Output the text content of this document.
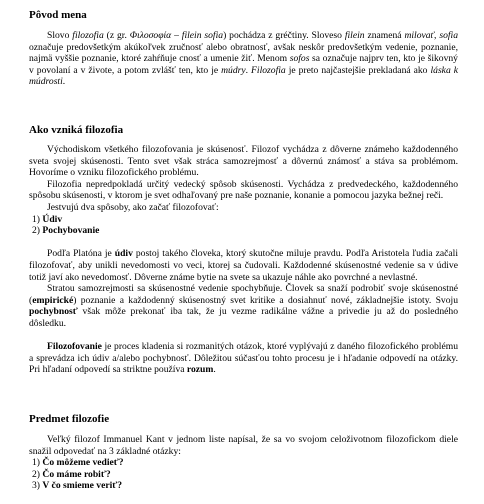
Pôvod mena

Slovo filozofia (z gr. Φιλοσοφία – filein sofia) pochádza z gréčtiny. Sloveso filein znamená milovať, sofia označuje predovšetkým akúkoľvek zručnosť alebo obratnosť, avšak neskôr predovšetkým vedenie, poznanie, najmä vyššie poznanie, ktoré zahŕňuje cnosť a umenie žiť. Menom sofos sa označuje najprv ten, kto je šikovný v povolaní a v živote, a potom zvlášť ten, kto je múdry. Filozofia je preto najčastejšie prekladaná ako láska k múdrosti.

Ako vzniká filozofia

Východiskom všetkého filozofovania je skúsenosť. Filozof vychádza z dôverne známeho každodenného sveta svojej skúsenosti. Tento svet však stráca samozrejmosť a dôvernú známosť a stáva sa problémom. Hovoríme o vzniku filozofického problému.

Filozofia nepredpokladá určitý vedecký spôsob skúsenosti. Vychádza z predvedeckého, každodenného spôsobu skúsenosti, v ktorom je svet odhaľovaný pre naše poznanie, konanie a pomocou jazyka bežnej reči.

Jestvujú dva spôsoby, ako začať filozofovať:

1) Údiv
2) Pochybovanie

Podľa Platóna je údiv postoj takého človeka, ktorý skutočne miluje pravdu. Podľa Aristotela ľudia začali filozofovať, aby unikli nevedomosti vo veci, ktorej sa čudovali. Každodenné skúsenostné vedenie sa v údive totiž javí ako nevedomosť. Dôverne známe bytie na svete sa ukazuje náhle ako povrchné a nevlastné.

Stratou samozrejmosti sa skúsenostné vedenie spochybňuje. Človek sa snaží podrobiť svoje skúsenostné (empirické) poznanie a každodenný skúsenostný svet kritike a dosiahnuť nové, základnejšie istoty. Svoju pochybnosť však môže prekonať iba tak, že ju vezme radikálne vážne a privedie ju až do posledného dôsledku.

Filozofovanie je proces kladenia si rozmanitých otázok, ktoré vyplývajú z daného filozofického problému a sprevádza ich údiv a/alebo pochybnosť. Dôležitou súčasťou tohto procesu je i hľadanie odpovedí na otázky. Pri hľadaní odpovedí sa striktne používa rozum.

Predmet filozofie

Veľký filozof Immanuel Kant v jednom liste napísal, že sa vo svojom celoživotnom filozofickom diele snažil odpovedať na 3 základné otázky:

1) Čo môžeme vedieť?
2) Čo máme robiť?
3) V čo smieme veriť?
